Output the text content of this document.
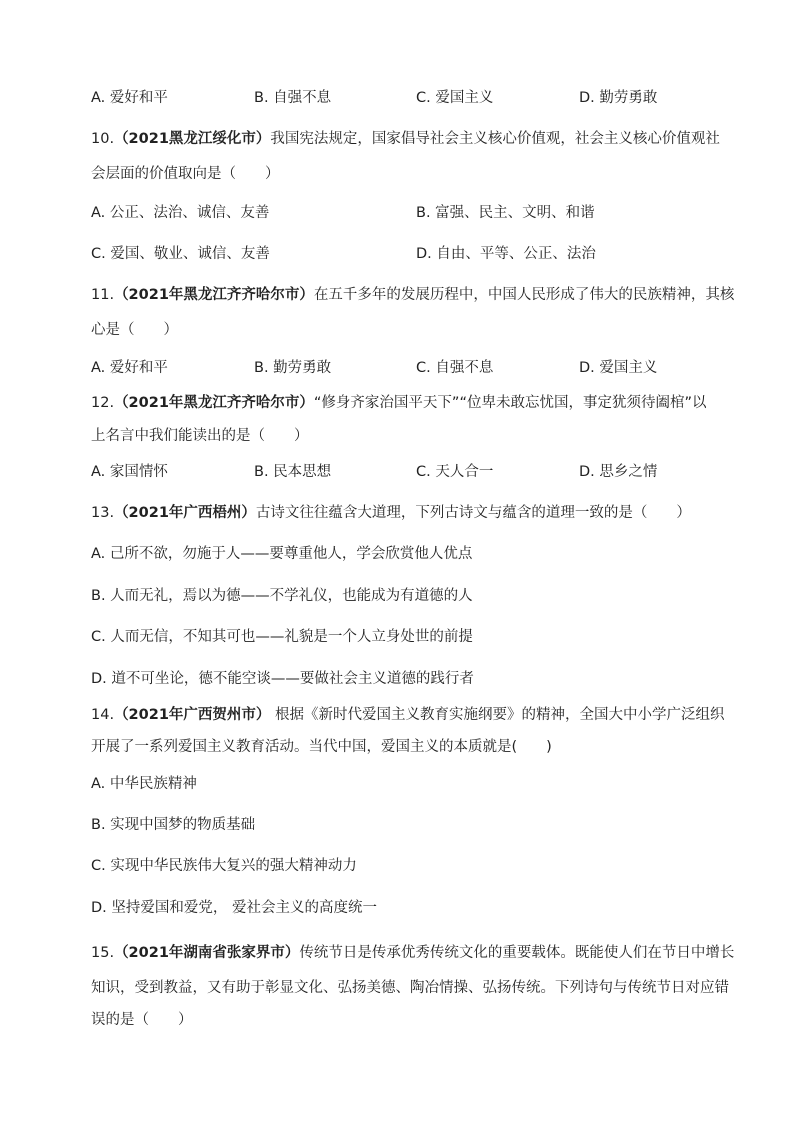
A. 爱好和平	B. 自强不息	C. 爱国主义	D. 勤劳勇敢
10.（2021黑龙江绥化市）我国宪法规定，国家倡导社会主义核心价值观，社会主义核心价值观社
会层面的价值取向是（　　）
A. 公正、法治、诚信、友善	B. 富强、民主、文明、和谐
C. 爱国、敬业、诚信、友善	D. 自由、平等、公正、法治
11.（2021年黑龙江齐齐哈尔市）在五千多年的发展历程中，中国人民形成了伟大的民族精神，其核
心是（　　）
A. 爱好和平	B. 勤劳勇敢	C. 自强不息	D. 爱国主义
12.（2021年黑龙江齐齐哈尔市）“修身齐家治国平天下”“位卑未敢忘忧国，事定犹须待阖棺”以
上名言中我们能读出的是（　　）
A. 家国情怀	B. 民本思想	C. 天人合一	D. 思乡之情
13.（2021年广西梧州）古诗文往往蕴含大道理，下列古诗文与蕴含的道理一致的是（　　）
A. 己所不欲，勿施于人——要尊重他人，学会欣赏他人优点
B. 人而无礼，焉以为德——不学礼仪，也能成为有道德的人
C. 人而无信，不知其可也——礼貌是一个人立身处世的前提
D. 道不可坐论，德不能空谈——要做社会主义道德的践行者
14.（2021年广西贺州市） 根据《新时代爱国主义教育实施纲要》的精神，全国大中小学广泛组织
开展了一系列爱国主义教育活动。当代中国，爱国主义的本质就是(　　)
A. 中华民族精神
B. 实现中国梦的物质基础
C. 实现中华民族伟大复兴的强大精神动力
D. 坚持爱国和爱党， 爱社会主义的高度统一
15.（2021年湖南省张家界市）传统节日是传承优秀传统文化的重要载体。既能使人们在节日中增长
知识，受到教益，又有助于彰显文化、弘扬美德、陶冶情操、弘扬传统。下列诗句与传统节日对应错
误的是（　　）
